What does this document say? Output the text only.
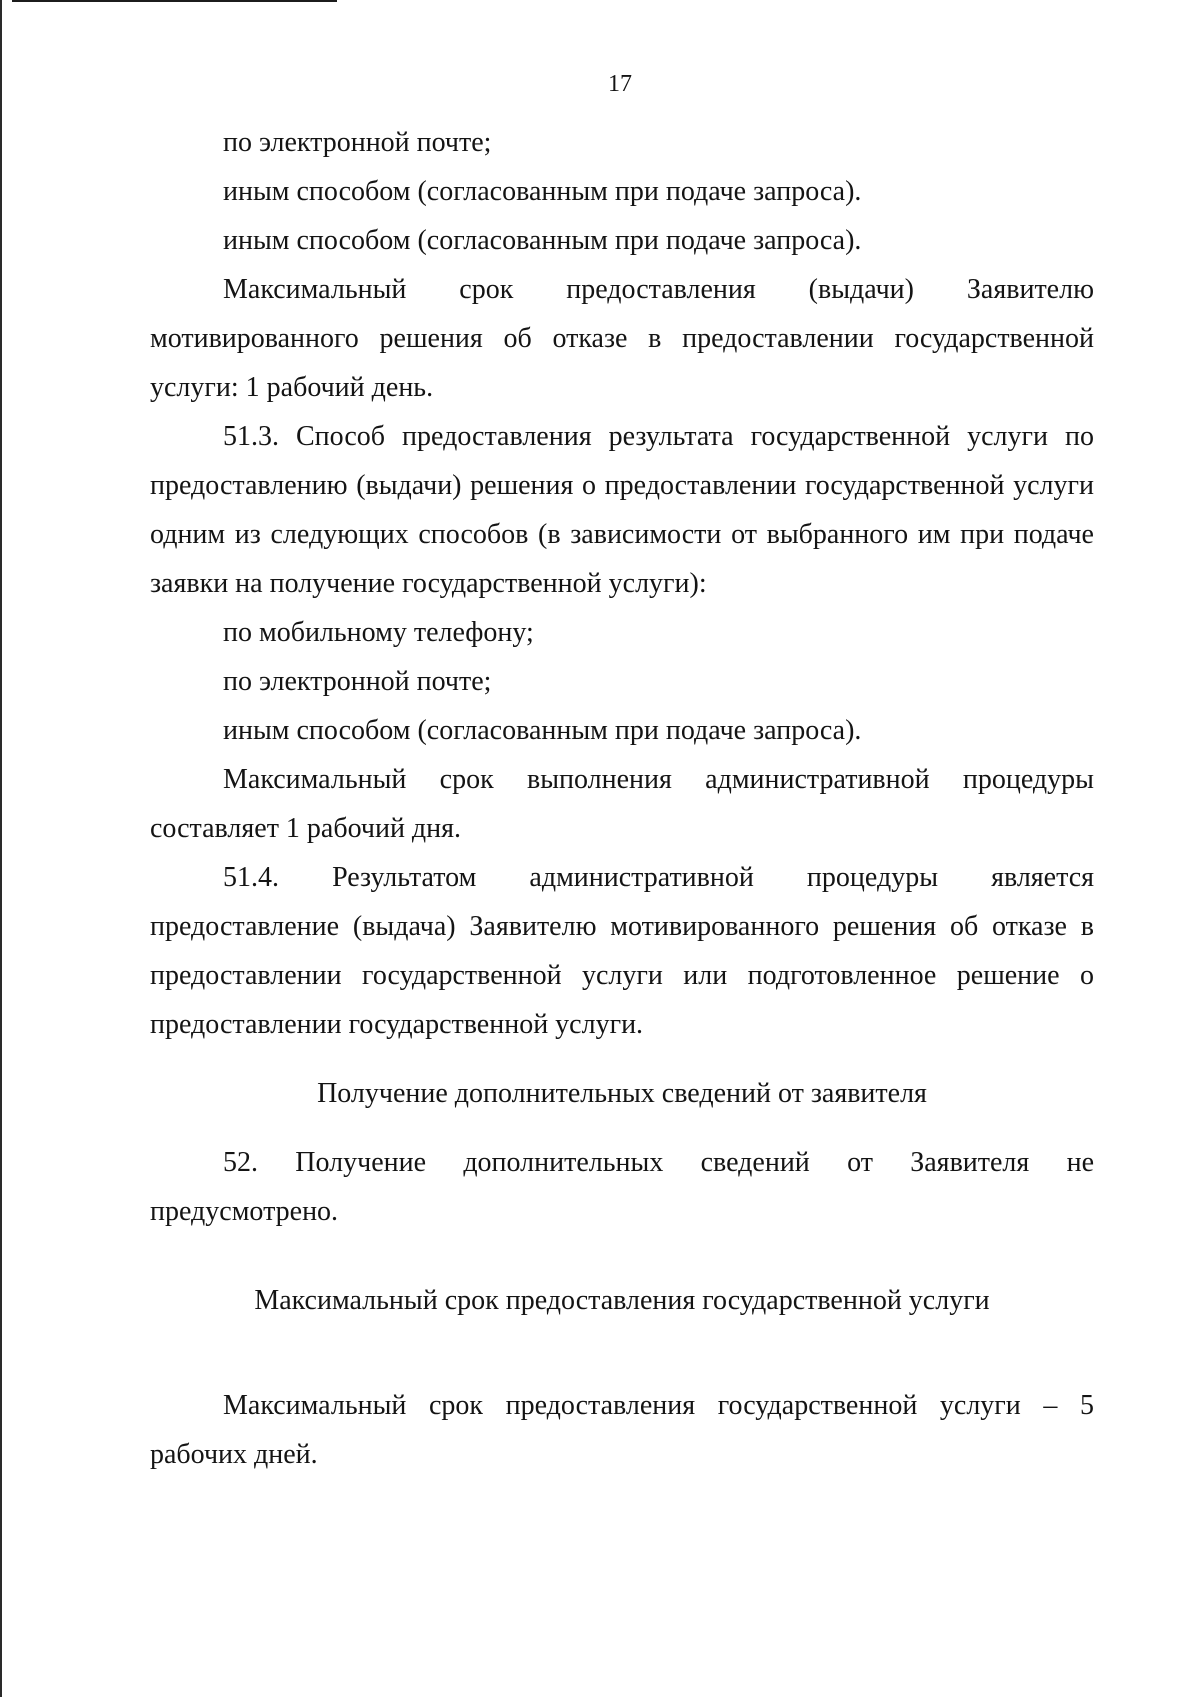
17

по электронной почте;

иным способом (согласованным при подаче запроса).

иным способом (согласованным при подаче запроса).

Максимальный срок предоставления (выдачи) Заявителю мотивированного решения об отказе в предоставлении государственной услуги: 1 рабочий день.

51.3. Способ предоставления результата государственной услуги по предоставлению (выдачи) решения о предоставлении государственной услуги одним из следующих способов (в зависимости от выбранного им при подаче заявки на получение государственной услуги):

по мобильному телефону;

по электронной почте;

иным способом (согласованным при подаче запроса).

Максимальный срок выполнения административной процедуры составляет 1 рабочий дня.

51.4. Результатом административной процедуры является предоставление (выдача) Заявителю мотивированного решения об отказе в предоставлении государственной услуги или подготовленное решение о предоставлении государственной услуги.

Получение дополнительных сведений от заявителя

52. Получение дополнительных сведений от Заявителя не предусмотрено.

Максимальный срок предоставления государственной услуги

Максимальный срок предоставления государственной услуги – 5 рабочих дней.
